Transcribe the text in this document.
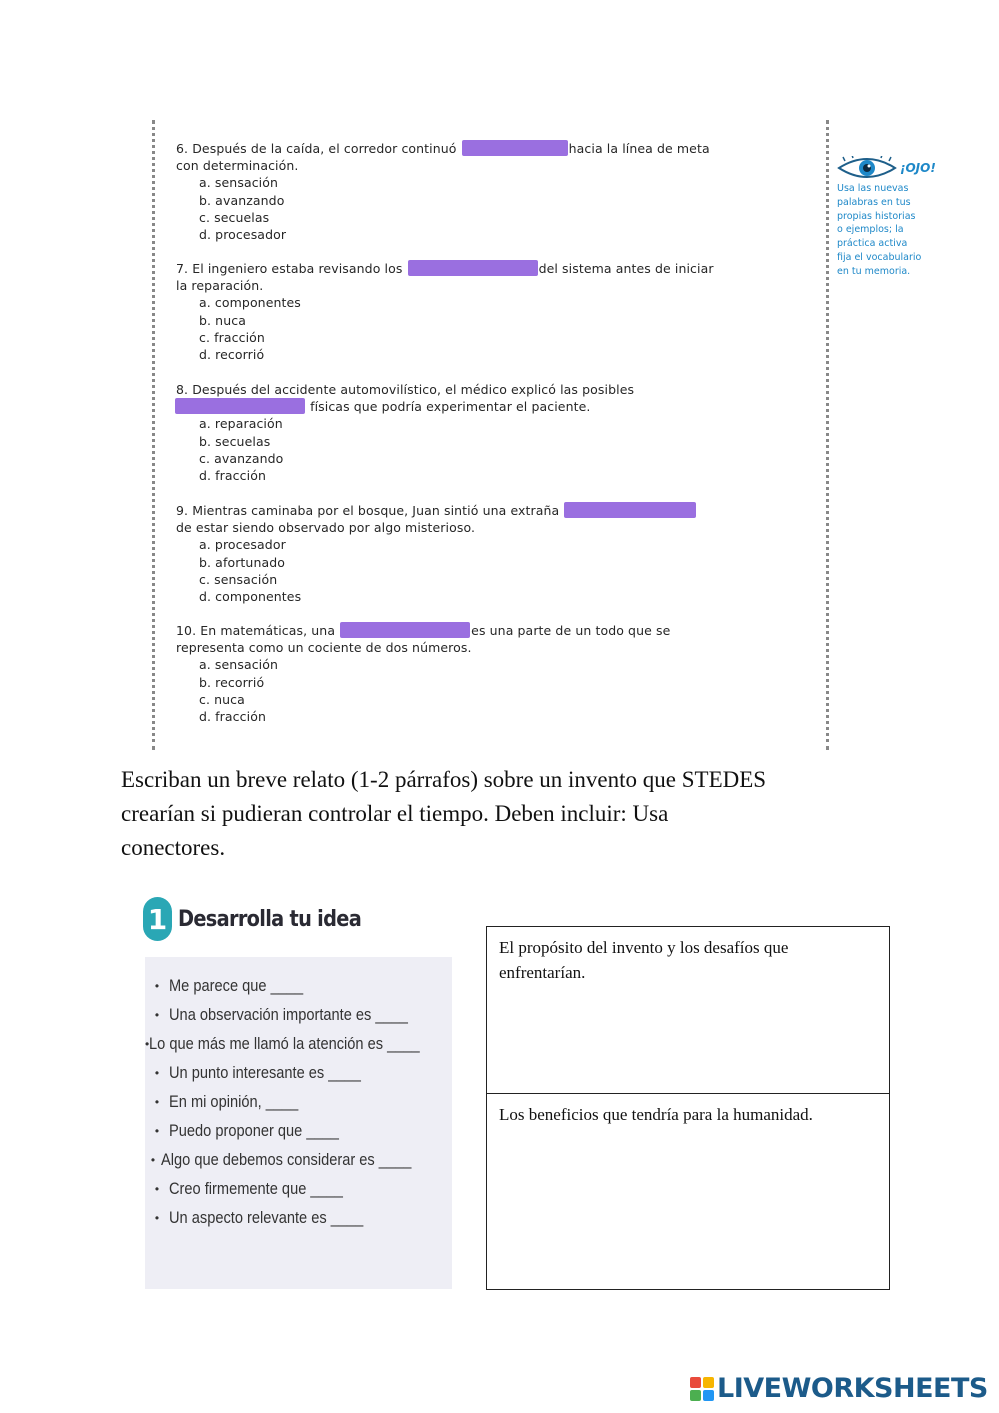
6. Después de la caída, el corredor continuó	hacia la línea de meta
con determinación.
a. sensación
b. avanzando
c. secuelas
d. procesador
7. El ingeniero estaba revisando los	del sistema antes de iniciar
la reparación.
a. componentes
b. nuca
c. fracción
d. recorrió
8. Después del accidente automovilístico, el médico explicó las posibles
físicas que podría experimentar el paciente.
a. reparación
b. secuelas
c. avanzando
d. fracción
9. Mientras caminaba por el bosque, Juan sintió una extraña
de estar siendo observado por algo misterioso.
a. procesador
b. afortunado
c. sensación
d. componentes
10. En matemáticas, una	es una parte de un todo que se
representa como un cociente de dos números.
a. sensación
b. recorrió
c. nuca
d. fracción
¡OJO!
Usa las nuevas
palabras en tus
propias historias
o ejemplos; la
práctica activa
fija el vocabulario
en tu memoria.
Escriban un breve relato (1-2 párrafos) sobre un invento que STEDES
crearían si pudieran controlar el tiempo. Deben incluir: Usa
conectores.
1 Desarrolla tu idea
• Me parece que ____
• Una observación importante es ____
• Lo que más me llamó la atención es ____
• Un punto interesante es ____
• En mi opinión, ____
• Puedo proponer que ____
• Algo que debemos considerar es ____
• Creo firmemente que ____
• Un aspecto relevante es ____
El propósito del invento y los desafíos que enfrentarían.
Los beneficios que tendría para la humanidad.
LIVEWORKSHEETS
